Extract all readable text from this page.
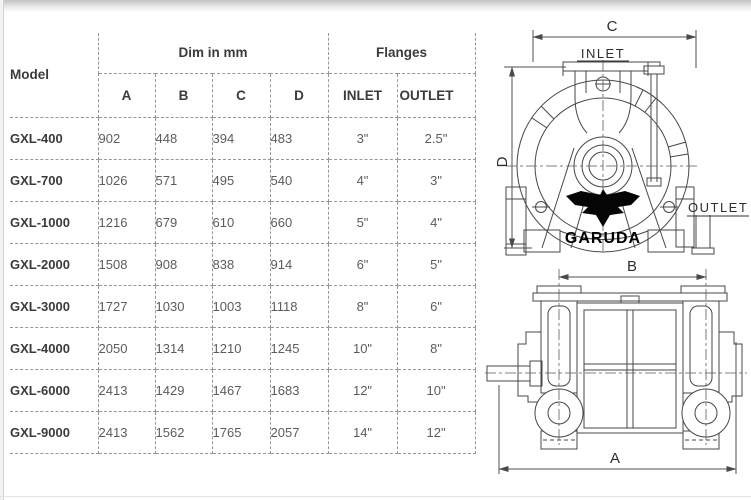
Model	Dim in mm				Flanges	
	A	B	C	D	INLET	OUTLET
GXL-400	902	448	394	483	3"	2.5"
GXL-700	1026	571	495	540	4"	3"
GXL-1000	1216	679	610	660	5"	4"
GXL-2000	1508	908	838	914	6"	5"
GXL-3000	1727	1030	1003	1118	8"	6"
GXL-4000	2050	1314	1210	1245	10"	8"
GXL-6000	2413	1429	1467	1683	12"	10"
GXL-9000	2413	1562	1765	2057	14"	12"
C
D
INLET
OUTLET
GARUDA
B
A
